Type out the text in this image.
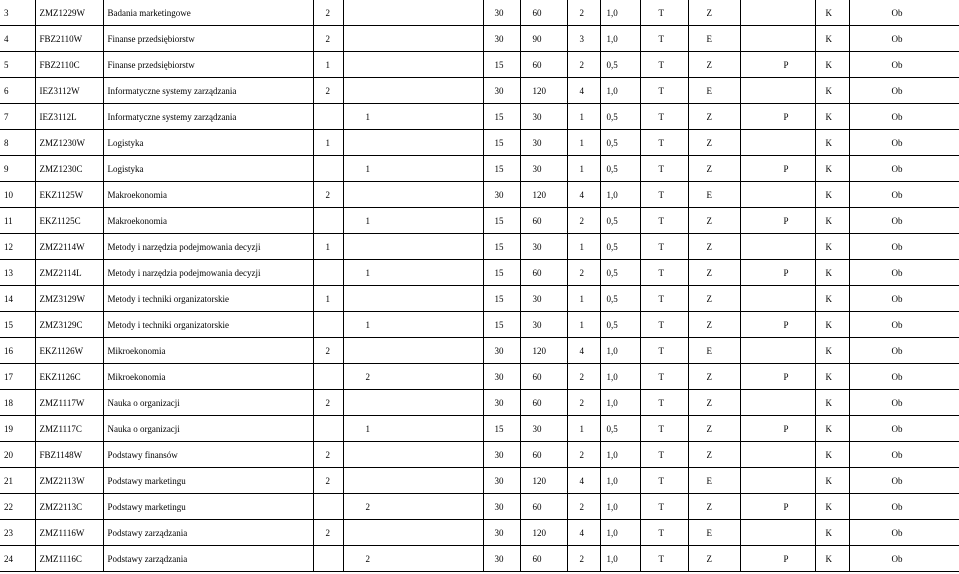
3	ZMZ1229W	Badania marketingowe	2		30	60	2	1,0	T	Z		K	Ob
4	FBZ2110W	Finanse przedsiębiorstw	2		30	90	3	1,0	T	E		K	Ob
5	FBZ2110C	Finanse przedsiębiorstw	1		15	60	2	0,5	T	Z	P	K	Ob
6	IEZ3112W	Informatyczne systemy zarządzania	2		30	120	4	1,0	T	E		K	Ob
7	IEZ3112L	Informatyczne systemy zarządzania		1	15	30	1	0,5	T	Z	P	K	Ob
8	ZMZ1230W	Logistyka	1		15	30	1	0,5	T	Z		K	Ob
9	ZMZ1230C	Logistyka		1	15	30	1	0,5	T	Z	P	K	Ob
10	EKZ1125W	Makroekonomia	2		30	120	4	1,0	T	E		K	Ob
11	EKZ1125C	Makroekonomia		1	15	60	2	0,5	T	Z	P	K	Ob
12	ZMZ2114W	Metody i narzędzia podejmowania decyzji	1		15	30	1	0,5	T	Z		K	Ob
13	ZMZ2114L	Metody i narzędzia podejmowania decyzji		1	15	60	2	0,5	T	Z	P	K	Ob
14	ZMZ3129W	Metody i techniki organizatorskie	1		15	30	1	0,5	T	Z		K	Ob
15	ZMZ3129C	Metody i techniki organizatorskie		1	15	30	1	0,5	T	Z	P	K	Ob
16	EKZ1126W	Mikroekonomia	2		30	120	4	1,0	T	E		K	Ob
17	EKZ1126C	Mikroekonomia		2	30	60	2	1,0	T	Z	P	K	Ob
18	ZMZ1117W	Nauka o organizacji	2		30	60	2	1,0	T	Z		K	Ob
19	ZMZ1117C	Nauka o organizacji		1	15	30	1	0,5	T	Z	P	K	Ob
20	FBZ1148W	Podstawy finansów	2		30	60	2	1,0	T	Z		K	Ob
21	ZMZ2113W	Podstawy marketingu	2		30	120	4	1,0	T	E		K	Ob
22	ZMZ2113C	Podstawy marketingu		2	30	60	2	1,0	T	Z	P	K	Ob
23	ZMZ1116W	Podstawy zarządzania	2		30	120	4	1,0	T	E		K	Ob
24	ZMZ1116C	Podstawy zarządzania		2	30	60	2	1,0	T	Z	P	K	Ob
